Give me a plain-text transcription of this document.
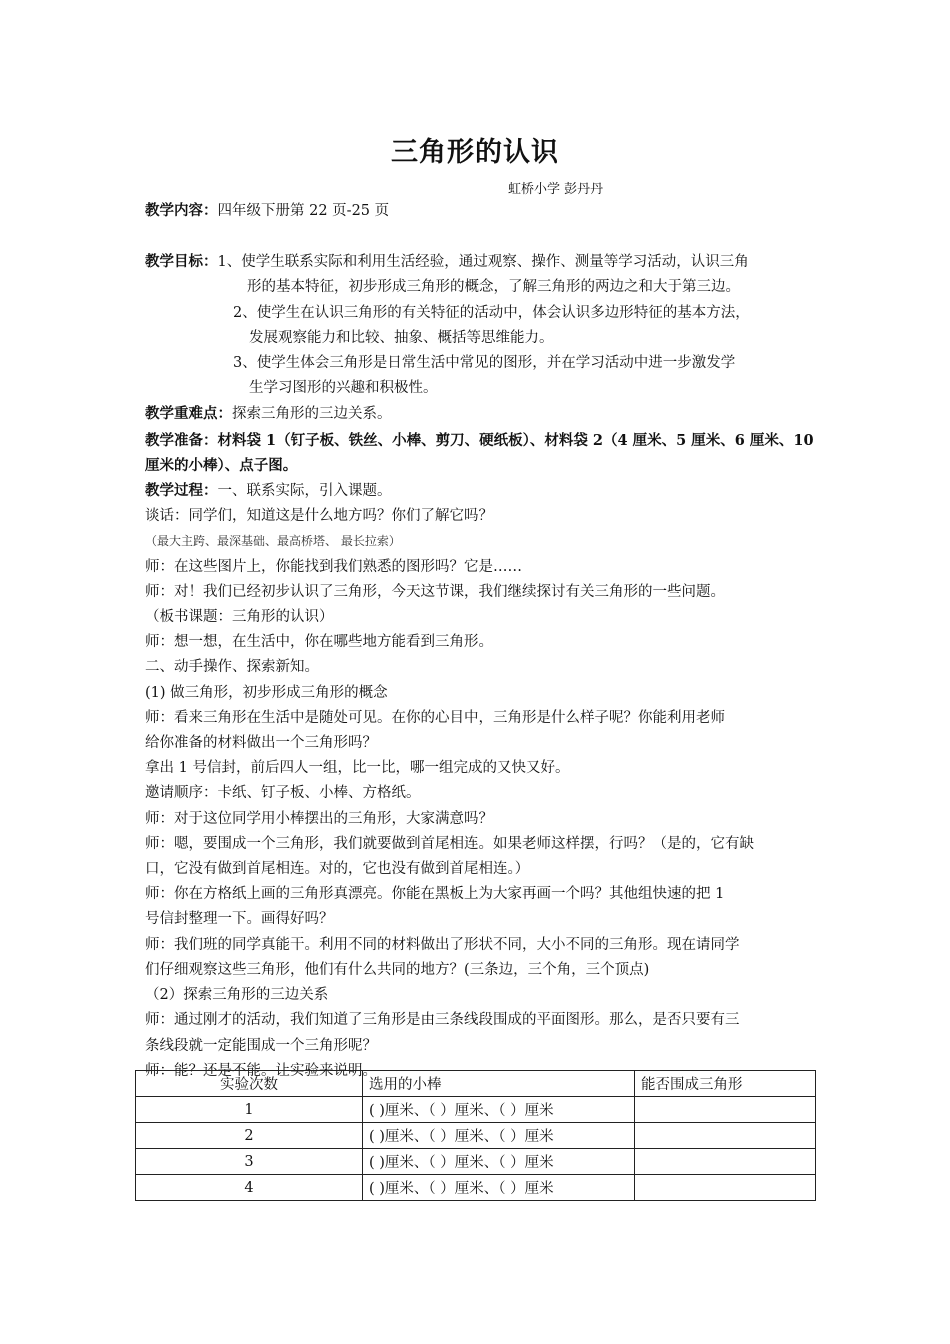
三角形的认识
虹桥小学 彭丹丹
教学内容：四年级下册第 22 页-25 页
教学目标：1、使学生联系实际和利用生活经验，通过观察、操作、测量等学习活动，认识三角
形的基本特征，初步形成三角形的概念，了解三角形的两边之和大于第三边。
2、使学生在认识三角形的有关特征的活动中，体会认识多边形特征的基本方法，
发展观察能力和比较、抽象、概括等思维能力。
3、使学生体会三角形是日常生活中常见的图形，并在学习活动中进一步激发学
生学习图形的兴趣和积极性。
教学重难点：探索三角形的三边关系。
教学准备：材料袋 1（钉子板、铁丝、小棒、剪刀、硬纸板）、材料袋 2（4 厘米、5 厘米、6 厘米、10
厘米的小棒）、点子图。
教学过程：一、联系实际，引入课题。
谈话：同学们，知道这是什么地方吗？你们了解它吗？
（最大主跨、最深基础、最高桥塔、 最长拉索）
师：在这些图片上，你能找到我们熟悉的图形吗？它是……
师：对！我们已经初步认识了三角形，今天这节课，我们继续探讨有关三角形的一些问题。
（板书课题：三角形的认识）
师：想一想，在生活中，你在哪些地方能看到三角形。
二、动手操作、探索新知。
(1) 做三角形，初步形成三角形的概念
师：看来三角形在生活中是随处可见。在你的心目中，三角形是什么样子呢？你能利用老师
给你准备的材料做出一个三角形吗？
拿出 1 号信封，前后四人一组，比一比，哪一组完成的又快又好。
邀请顺序：卡纸、钉子板、小棒、方格纸。
师：对于这位同学用小棒摆出的三角形，大家满意吗？
师：嗯，要围成一个三角形，我们就要做到首尾相连。如果老师这样摆，行吗？（是的，它有缺
口，它没有做到首尾相连。对的，它也没有做到首尾相连。）
师：你在方格纸上画的三角形真漂亮。你能在黑板上为大家再画一个吗？其他组快速的把 1
号信封整理一下。画得好吗？
师：我们班的同学真能干。利用不同的材料做出了形状不同，大小不同的三角形。现在请同学
们仔细观察这些三角形，他们有什么共同的地方？(三条边，三个角，三个顶点)
（2）探索三角形的三边关系
师：通过刚才的活动，我们知道了三角形是由三条线段围成的平面图形。那么，是否只要有三
条线段就一定能围成一个三角形呢？
师：能？还是不能。让实验来说明。
实验次数	选用的小棒	能否围成三角形
1	( )厘米、（ ）厘米、（ ）厘米	
2	( )厘米、（ ）厘米、（ ）厘米	
3	( )厘米、（ ）厘米、（ ）厘米	
4	( )厘米、（ ）厘米、（ ）厘米	
